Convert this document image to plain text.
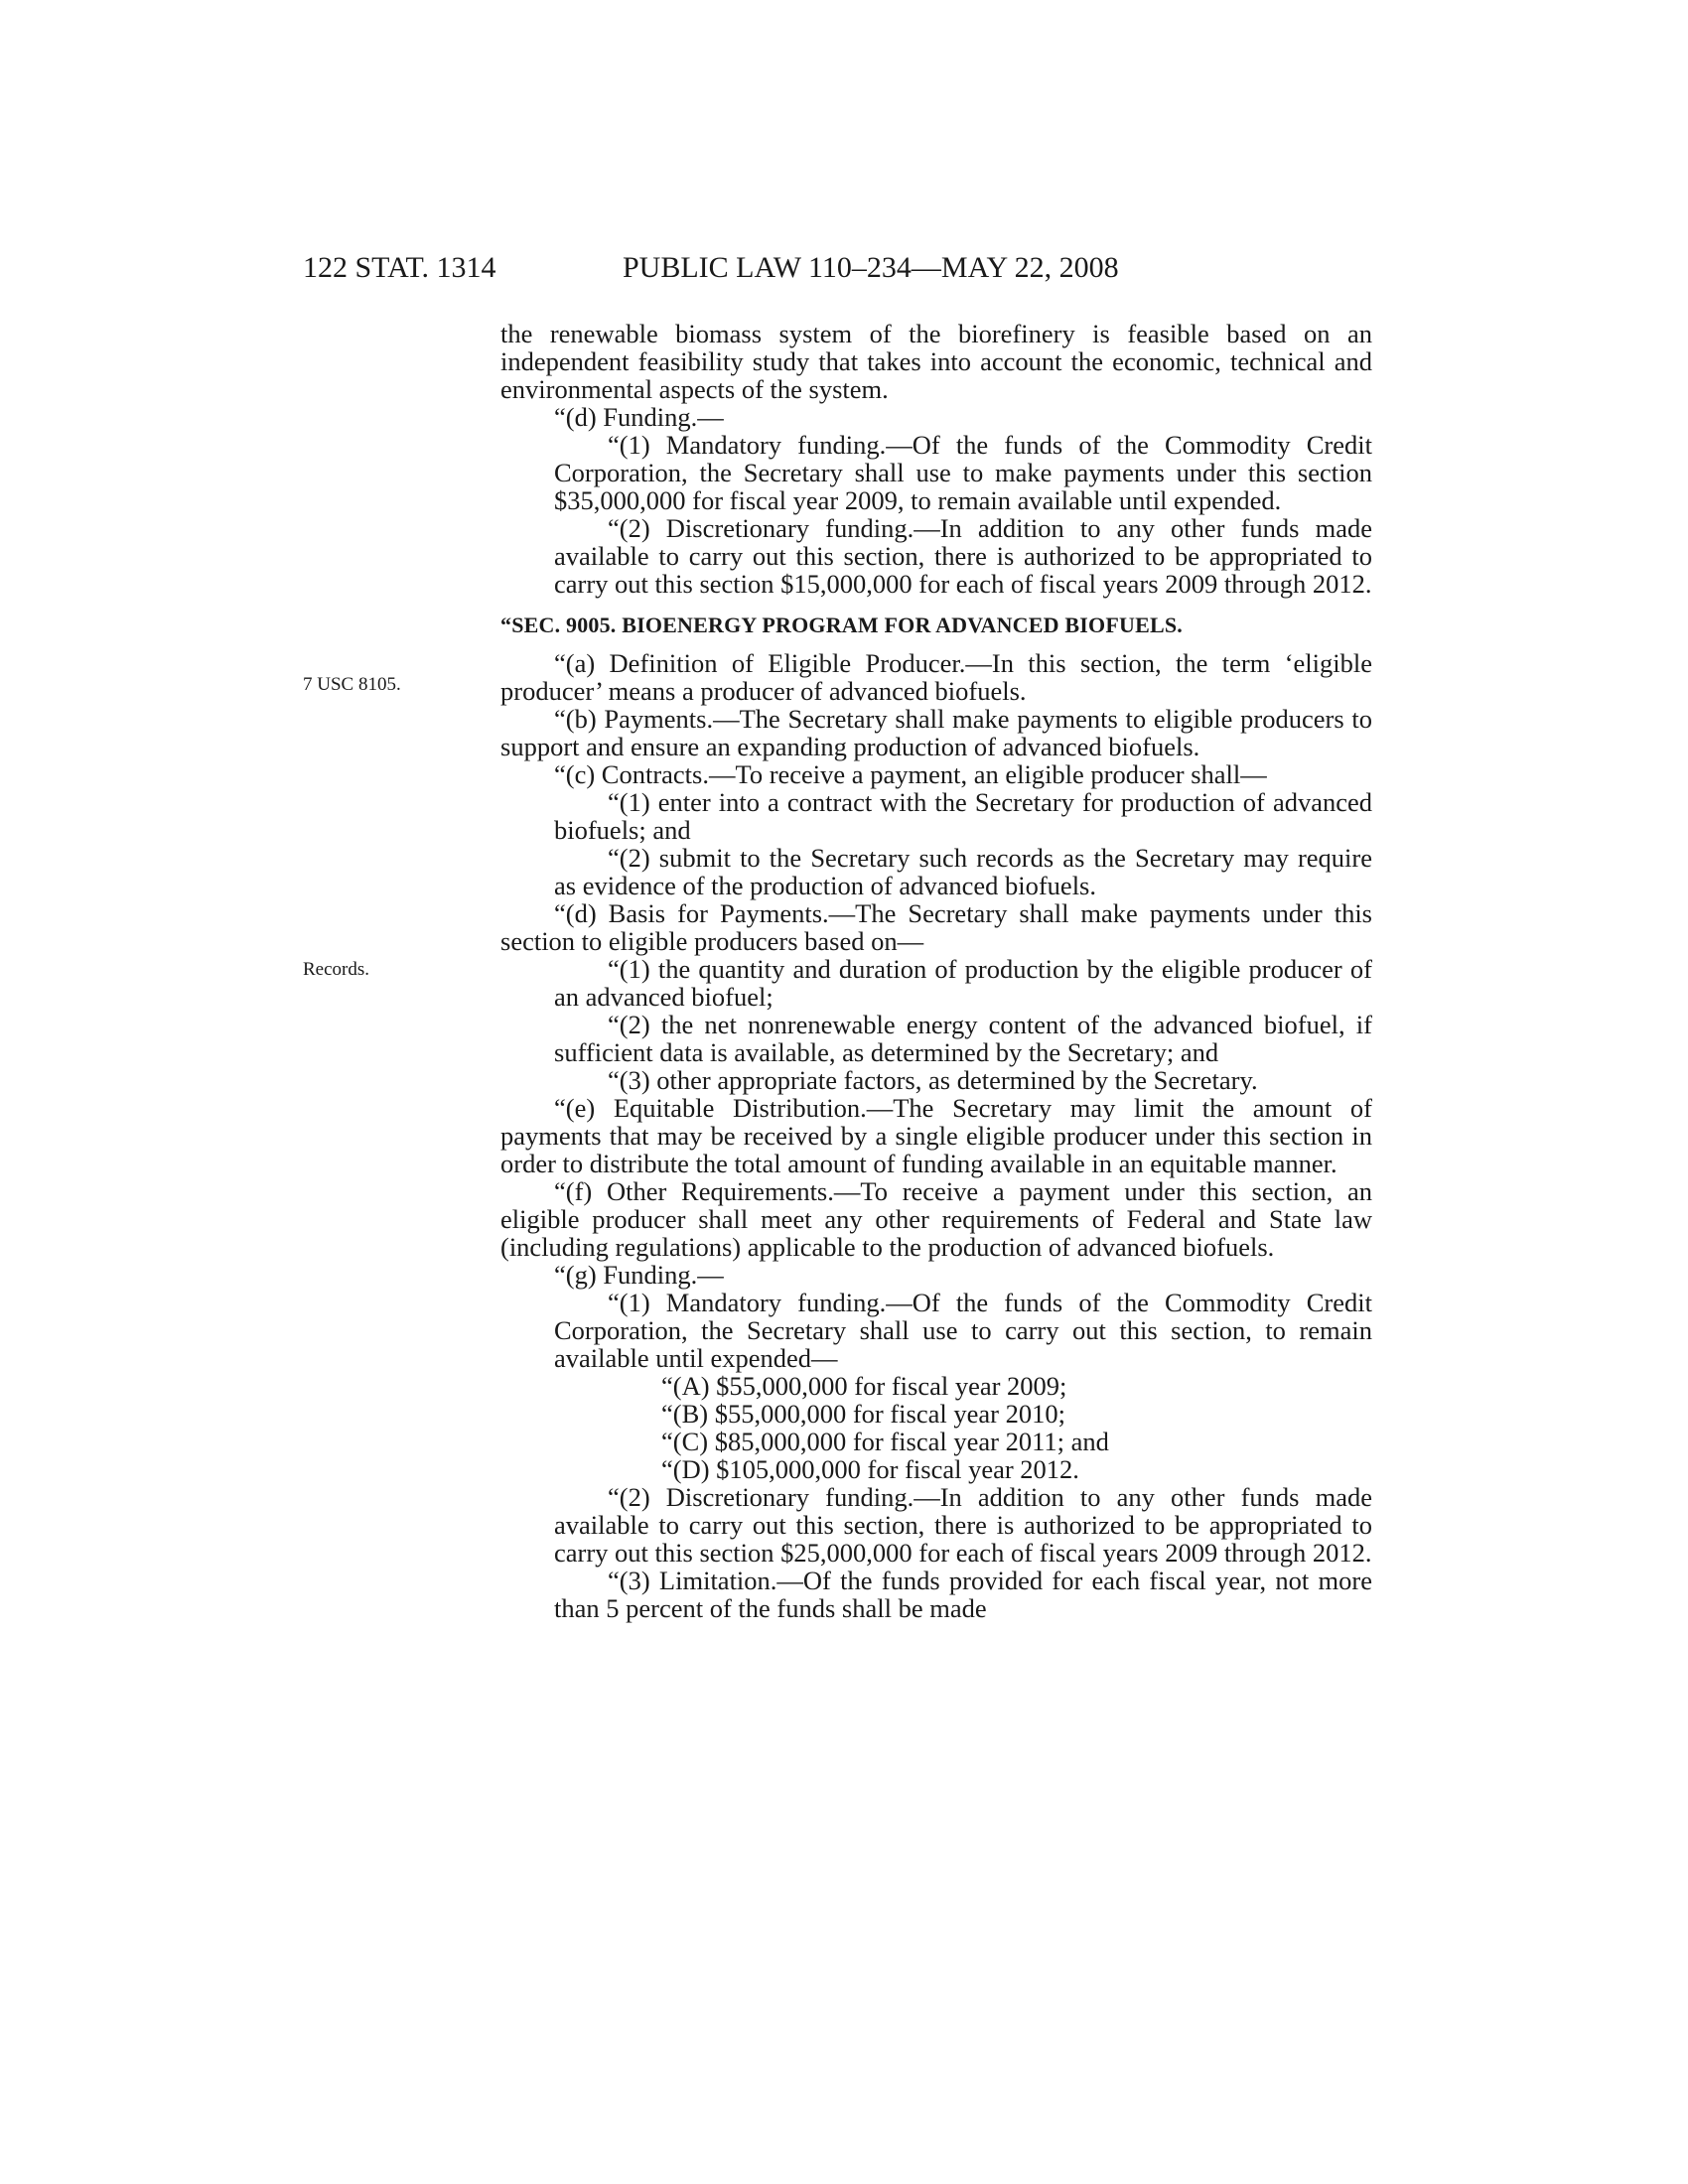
122 STAT. 1314	PUBLIC LAW 110–234—MAY 22, 2008
7 USC 8105.
Records.

the renewable biomass system of the biorefinery is feasible based on an independent feasibility study that takes into account the economic, technical and environmental aspects of the system.

“(d) Funding.—

“(1) Mandatory funding.—Of the funds of the Commodity Credit Corporation, the Secretary shall use to make payments under this section $35,000,000 for fiscal year 2009, to remain available until expended.

“(2) Discretionary funding.—In addition to any other funds made available to carry out this section, there is authorized to be appropriated to carry out this section $15,000,000 for each of fiscal years 2009 through 2012.

“SEC. 9005. BIOENERGY PROGRAM FOR ADVANCED BIOFUELS.

“(a) Definition of Eligible Producer.—In this section, the term ‘eligible producer’ means a producer of advanced biofuels.

“(b) Payments.—The Secretary shall make payments to eligible producers to support and ensure an expanding production of advanced biofuels.

“(c) Contracts.—To receive a payment, an eligible producer shall—

“(1) enter into a contract with the Secretary for production of advanced biofuels; and

“(2) submit to the Secretary such records as the Secretary may require as evidence of the production of advanced biofuels.

“(d) Basis for Payments.—The Secretary shall make payments under this section to eligible producers based on—

“(1) the quantity and duration of production by the eligible producer of an advanced biofuel;

“(2) the net nonrenewable energy content of the advanced biofuel, if sufficient data is available, as determined by the Secretary; and

“(3) other appropriate factors, as determined by the Secretary.

“(e) Equitable Distribution.—The Secretary may limit the amount of payments that may be received by a single eligible producer under this section in order to distribute the total amount of funding available in an equitable manner.

“(f) Other Requirements.—To receive a payment under this section, an eligible producer shall meet any other requirements of Federal and State law (including regulations) applicable to the production of advanced biofuels.

“(g) Funding.—

“(1) Mandatory funding.—Of the funds of the Commodity Credit Corporation, the Secretary shall use to carry out this section, to remain available until expended—

“(A) $55,000,000 for fiscal year 2009;

“(B) $55,000,000 for fiscal year 2010;

“(C) $85,000,000 for fiscal year 2011; and

“(D) $105,000,000 for fiscal year 2012.

“(2) Discretionary funding.—In addition to any other funds made available to carry out this section, there is authorized to be appropriated to carry out this section $25,000,000 for each of fiscal years 2009 through 2012.

“(3) Limitation.—Of the funds provided for each fiscal year, not more than 5 percent of the funds shall be made
